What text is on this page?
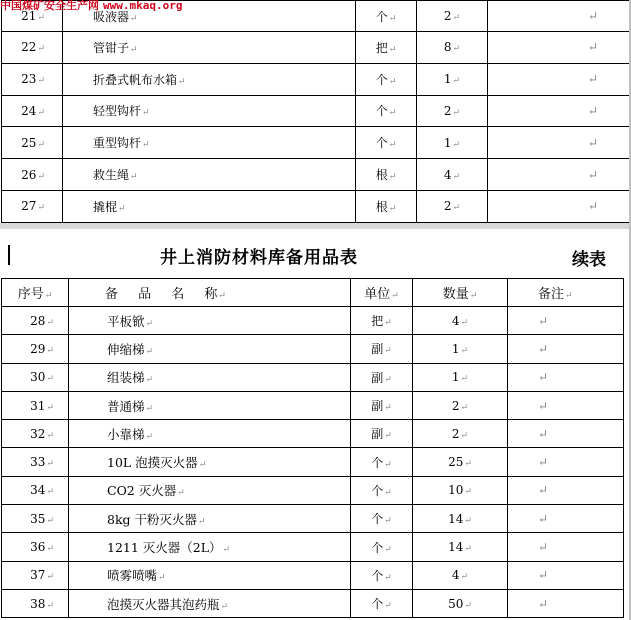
中国煤矿安全生产网 www.mkaq.org
21↵	吸液器↵	个↵	2↵	↵
22↵	管钳子↵	把↵	8↵	↵
23↵	折叠式帆布水箱↵	个↵	1↵	↵
24↵	轻型钩杆↵	个↵	2↵	↵
25↵	重型钩杆↵	个↵	1↵	↵
26↵	救生绳↵	根↵	4↵	↵
27↵	撬棍↵	根↵	2↵	↵
井上消防材料库备用品表	续表
序号↵	备 品 名 称↵	单位↵	数量↵	备注↵
28↵	平板锨↵	把↵	4↵	↵
29↵	伸缩梯↵	副↵	1↵	↵
30↵	组装梯↵	副↵	1↵	↵
31↵	普通梯↵	副↵	2↵	↵
32↵	小靠梯↵	副↵	2↵	↵
33↵	10L 泡摸灭火器↵	个↵	25↵	↵
34↵	CO2 灭火器↵	个↵	10↵	↵
35↵	8kg 干粉灭火器↵	个↵	14↵	↵
36↵	1211 灭火器（2L）↵	个↵	14↵	↵
37↵	喷雾喷嘴↵	个↵	4↵	↵
38↵	泡摸灭火器其泡药瓶↵	个↵	50↵	↵
